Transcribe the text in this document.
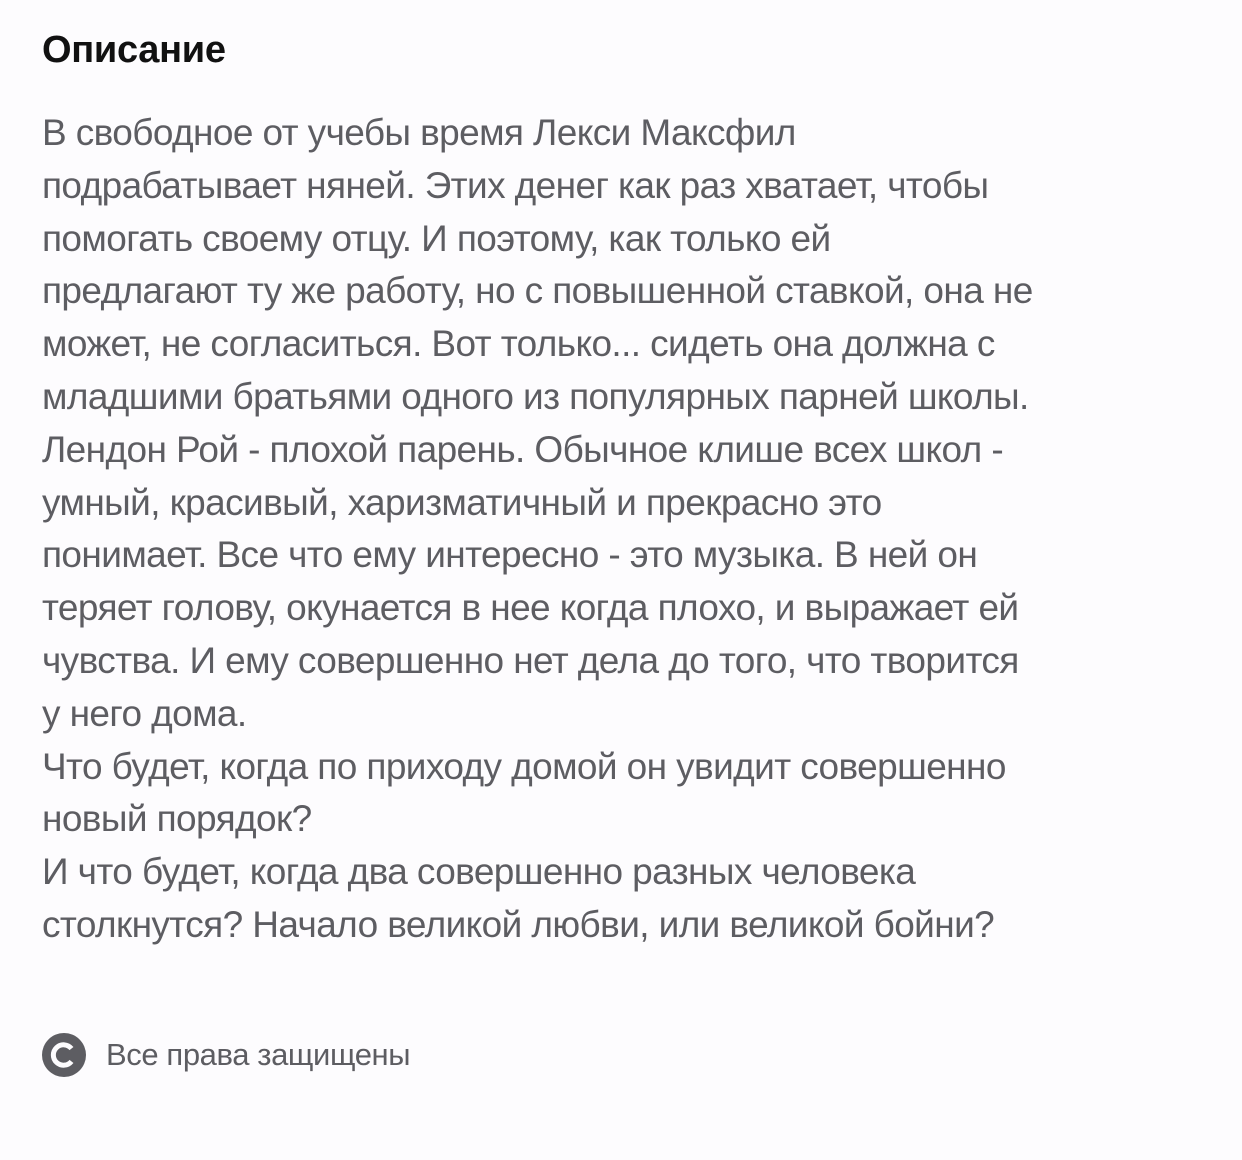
Описание
В свободное от учебы время Лекси Максфил
подрабатывает няней. Этих денег как раз хватает, чтобы
помогать своему отцу. И поэтому, как только ей
предлагают ту же работу, но с повышенной ставкой, она не
может, не согласиться. Вот только... сидеть она должна с
младшими братьями одного из популярных парней школы.
Лендон Рой - плохой парень. Обычное клише всех школ -
умный, красивый, харизматичный и прекрасно это
понимает. Все что ему интересно - это музыка. В ней он
теряет голову, окунается в нее когда плохо, и выражает ей
чувства. И ему совершенно нет дела до того, что творится
у него дома.
Что будет, когда по приходу домой он увидит совершенно
новый порядок?
И что будет, когда два совершенно разных человека
столкнутся? Начало великой любви, или великой бойни?
Все права защищены
